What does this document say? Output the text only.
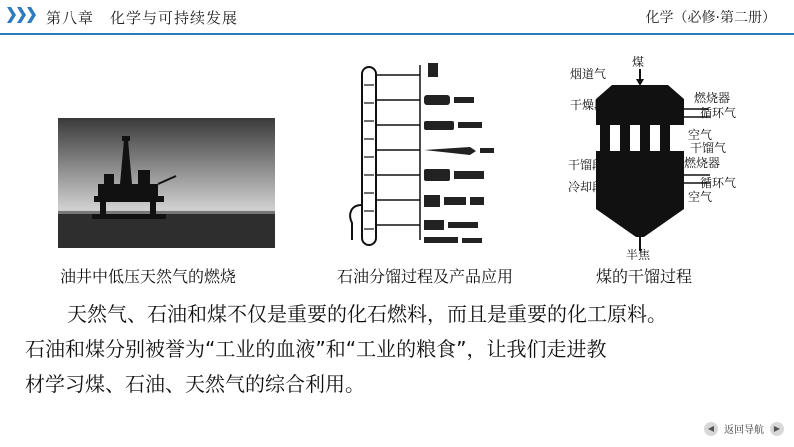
第八章　化学与可持续发展	化学（必修·第二册）
油井中低压天然气的燃烧	石油分馏过程及产品应用
煤
烟道气
干燥段	燃烧器
循环气
空气
干馏气
干馏段	燃烧器
循环气
冷却段
空气
半焦
煤的干馏过程

天然气、石油和煤不仅是重要的化石燃料，而且是重要的化工原料。

石油和煤分别被誉为“工业的血液”和“工业的粮食”，让我们走进教

材学习煤、石油、天然气的综合利用。

◀ 返回导航	▶
